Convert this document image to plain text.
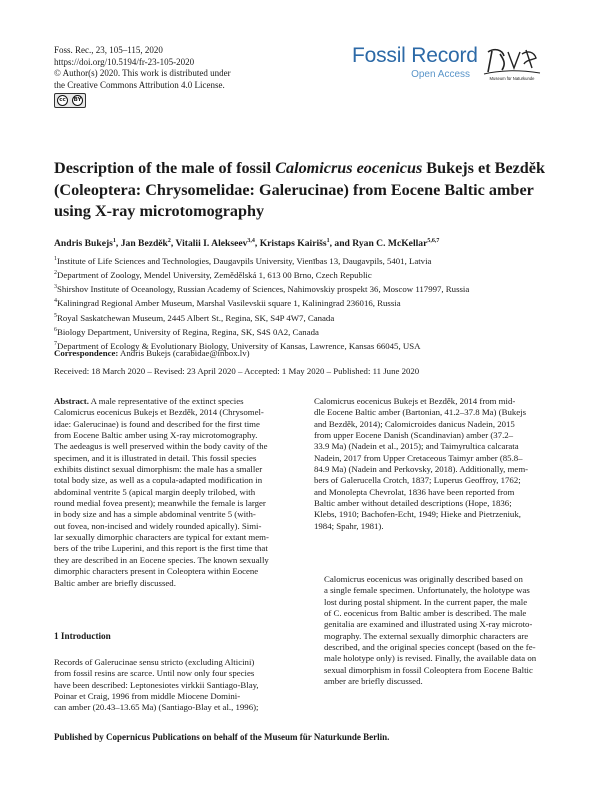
Foss. Rec., 23, 105–115, 2020
https://doi.org/10.5194/fr-23-105-2020
© Author(s) 2020. This work is distributed under
the Creative Commons Attribution 4.0 License.
cc	BY
Fossil Record
Open Access	Museum für Naturkunde
Description of the male of fossil Calomicrus eocenicus Bukejs et Bezděk (Coleoptera: Chrysomelidae: Galerucinae) from Eocene Baltic amber using X-ray microtomography
Andris Bukejs$^1$, Jan Bezděk$^2$, Vitalii I. Alekseev$^{3,4}$, Kristaps Kairišs$^1$, and Ryan C. McKellar$^{5,6,7}$
$^1$Institute of Life Sciences and Technologies, Daugavpils University, Vienības 13, Daugavpils, 5401, Latvia
$^2$Department of Zoology, Mendel University, Zemědělská 1, 613 00 Brno, Czech Republic
$^3$Shirshov Institute of Oceanology, Russian Academy of Sciences, Nahimovskiy prospekt 36, Moscow 117997, Russia
$^4$Kaliningrad Regional Amber Museum, Marshal Vasilevskii square 1, Kaliningrad 236016, Russia
$^5$Royal Saskatchewan Museum, 2445 Albert St., Regina, SK, S4P 4W7, Canada
$^6$Biology Department, University of Regina, Regina, SK, S4S 0A2, Canada
$^7$Department of Ecology & Evolutionary Biology, University of Kansas, Lawrence, Kansas 66045, USA
Correspondence: Andris Bukejs (carabidae@inbox.lv)
Received: 18 March 2020 – Revised: 23 April 2020 – Accepted: 1 May 2020 – Published: 11 June 2020
Abstract. A male representative of the extinct species
Calomicrus eocenicus Bukejs et Bezděk, 2014 (Chrysomel-
idae: Galerucinae) is found and described for the first time
from Eocene Baltic amber using X-ray microtomography.
The aedeagus is well preserved within the body cavity of the
specimen, and it is illustrated in detail. This fossil species
exhibits distinct sexual dimorphism: the male has a smaller
total body size, as well as a copula-adapted modification in
abdominal ventrite 5 (apical margin deeply trilobed, with
round medial fovea present); meanwhile the female is larger
in body size and has a simple abdominal ventrite 5 (with-
out fovea, non-incised and widely rounded apically). Simi-
lar sexually dimorphic characters are typical for extant mem-
bers of the tribe Luperini, and this report is the first time that
they are described in an Eocene species. The known sexually
dimorphic characters present in Coleoptera within Eocene
Baltic amber are briefly discussed.
1 Introduction
Records of Galerucinae sensu stricto (excluding Alticini)
from fossil resins are scarce. Until now only four species
have been described: Leptonesiotes virkkii Santiago-Blay,
Poinar et Craig, 1996 from middle Miocene Domini-
can amber (20.43–13.65 Ma) (Santiago-Blay et al., 1996);
Calomicrus eocenicus Bukejs et Bezděk, 2014 from mid-
dle Eocene Baltic amber (Bartonian, 41.2–37.8 Ma) (Bukejs
and Bezděk, 2014); Calomicroides danicus Nadein, 2015
from upper Eocene Danish (Scandinavian) amber (37.2–
33.9 Ma) (Nadein et al., 2015); and Taimyrultica calcarata
Nadein, 2017 from Upper Cretaceous Taimyr amber (85.8–
84.9 Ma) (Nadein and Perkovsky, 2018). Additionally, mem-
bers of Galerucella Crotch, 1837; Luperus Geoffroy, 1762;
and Monolepta Chevrolat, 1836 have been reported from
Baltic amber without detailed descriptions (Hope, 1836;
Klebs, 1910; Bachofen-Echt, 1949; Hieke and Pietrzeniuk,
1984; Spahr, 1981).
Calomicrus eocenicus was originally described based on
a single female specimen. Unfortunately, the holotype was
lost during postal shipment. In the current paper, the male
of C. eocenicus from Baltic amber is described. The male
genitalia are examined and illustrated using X-ray microto-
mography. The external sexually dimorphic characters are
described, and the original species concept (based on the fe-
male holotype only) is revised. Finally, the available data on
sexual dimorphism in fossil Coleoptera from Eocene Baltic
amber are briefly discussed.
Published by Copernicus Publications on behalf of the Museum für Naturkunde Berlin.
